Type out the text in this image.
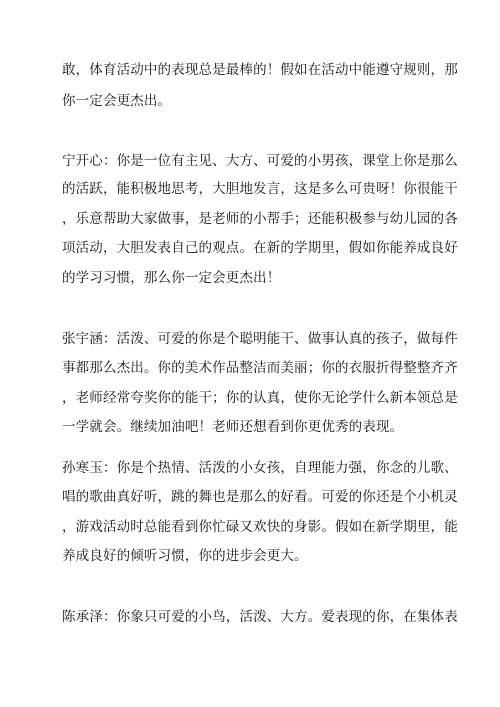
敢，体育活动中的表现总是最棒的！假如在活动中能遵守规则，那
你一定会更杰出。
宁开心：你是一位有主见、大方、可爱的小男孩，课堂上你是那么
的活跃，能积极地思考，大胆地发言，这是多么可贵呀！你很能干
，乐意帮助大家做事，是老师的小帮手；还能积极参与幼儿园的各
项活动，大胆发表自己的观点。在新的学期里，假如你能养成良好
的学习习惯，那么你一定会更杰出！
张宇涵：活泼、可爱的你是个聪明能干、做事认真的孩子，做每件
事都那么杰出。你的美术作品整洁而美丽；你的衣服折得整整齐齐
，老师经常夸奖你的能干；你的认真，使你无论学什么新本领总是
一学就会。继续加油吧！老师还想看到你更优秀的表现。
孙寒玉：你是个热情、活泼的小女孩，自理能力强，你念的儿歌、
唱的歌曲真好听，跳的舞也是那么的好看。可爱的你还是个小机灵
，游戏活动时总能看到你忙碌又欢快的身影。假如在新学期里，能
养成良好的倾听习惯，你的进步会更大。
陈承泽：你象只可爱的小鸟，活泼、大方。爱表现的你，在集体表
